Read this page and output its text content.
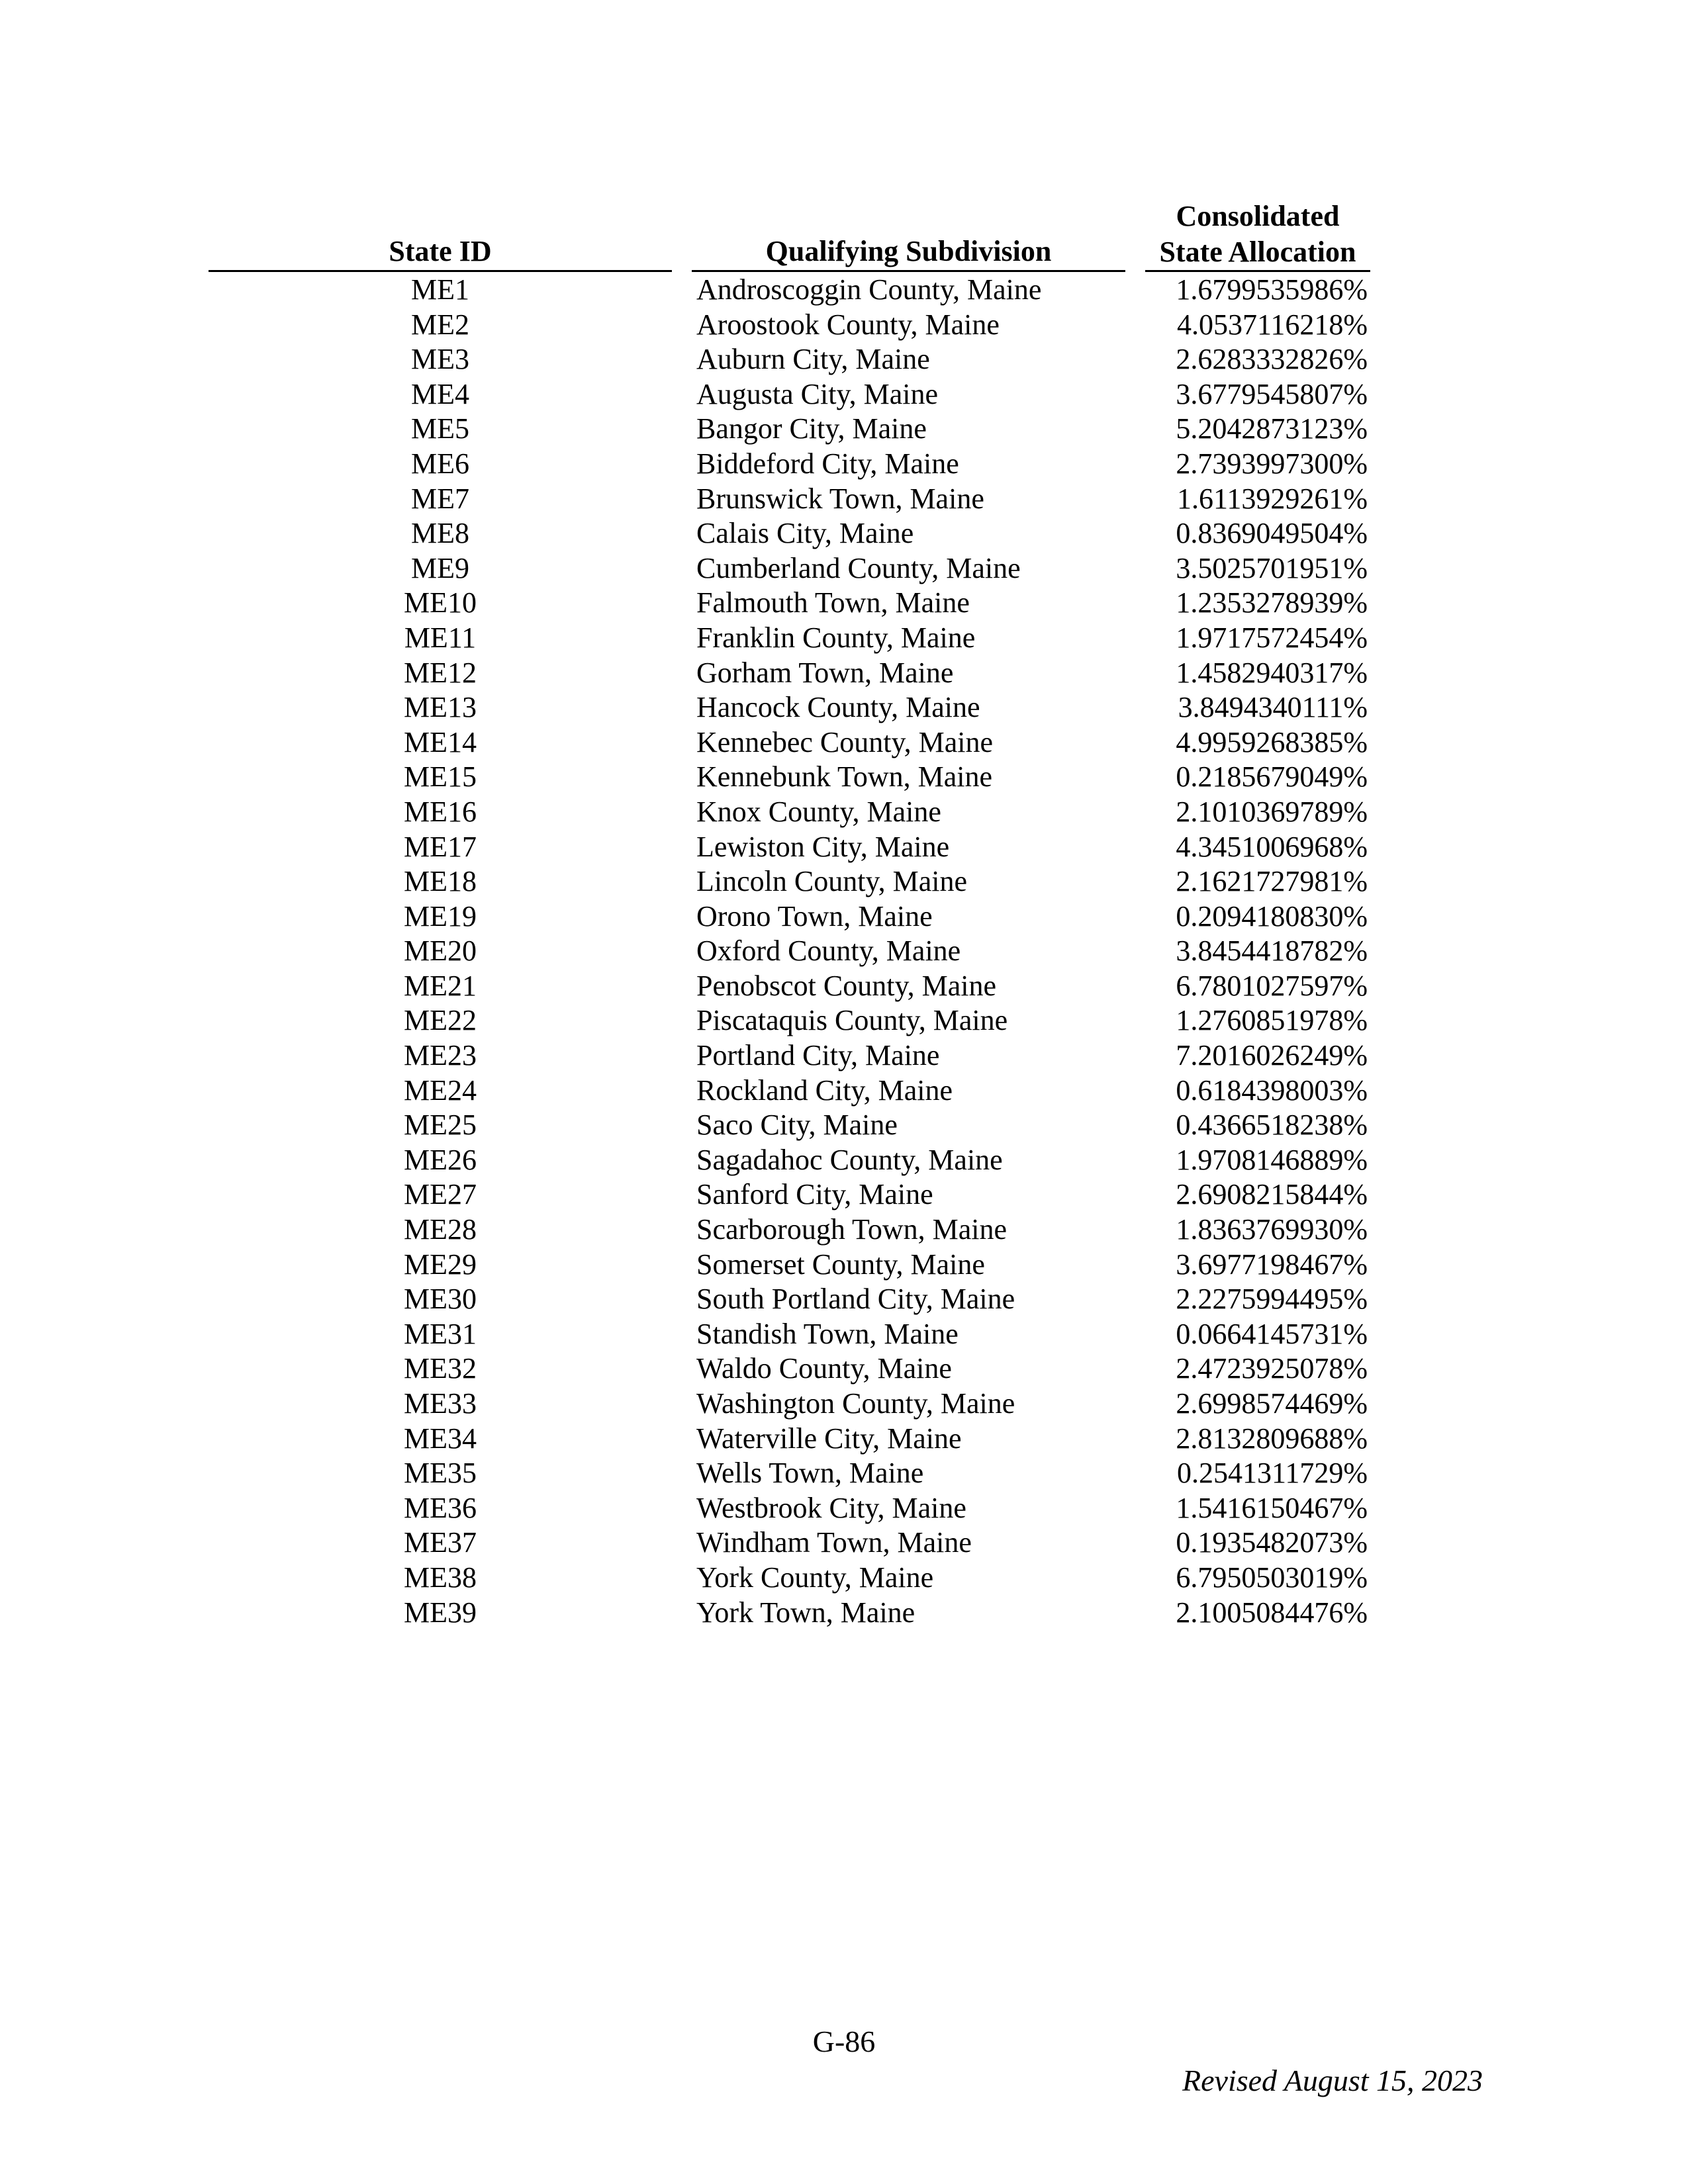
State ID	Qualifying Subdivision
Consolidated
State Allocation
ME1	Androscoggin County, Maine	1.6799535986%
ME2	Aroostook County, Maine	4.0537116218%
ME3	Auburn City, Maine	2.6283332826%
ME4	Augusta City, Maine	3.6779545807%
ME5	Bangor City, Maine	5.2042873123%
ME6	Biddeford City, Maine	2.7393997300%
ME7	Brunswick Town, Maine	1.6113929261%
ME8	Calais City, Maine	0.8369049504%
ME9	Cumberland County, Maine	3.5025701951%
ME10	Falmouth Town, Maine	1.2353278939%
ME11	Franklin County, Maine	1.9717572454%
ME12	Gorham Town, Maine	1.4582940317%
ME13	Hancock County, Maine	3.8494340111%
ME14	Kennebec County, Maine	4.9959268385%
ME15	Kennebunk Town, Maine	0.2185679049%
ME16	Knox County, Maine	2.1010369789%
ME17	Lewiston City, Maine	4.3451006968%
ME18	Lincoln County, Maine	2.1621727981%
ME19	Orono Town, Maine	0.2094180830%
ME20	Oxford County, Maine	3.8454418782%
ME21	Penobscot County, Maine	6.7801027597%
ME22	Piscataquis County, Maine	1.2760851978%
ME23	Portland City, Maine	7.2016026249%
ME24	Rockland City, Maine	0.6184398003%
ME25	Saco City, Maine	0.4366518238%
ME26	Sagadahoc County, Maine	1.9708146889%
ME27	Sanford City, Maine	2.6908215844%
ME28	Scarborough Town, Maine	1.8363769930%
ME29	Somerset County, Maine	3.6977198467%
ME30	South Portland City, Maine	2.2275994495%
ME31	Standish Town, Maine	0.0664145731%
ME32	Waldo County, Maine	2.4723925078%
ME33	Washington County, Maine	2.6998574469%
ME34	Waterville City, Maine	2.8132809688%
ME35	Wells Town, Maine	0.2541311729%
ME36	Westbrook City, Maine	1.5416150467%
ME37	Windham Town, Maine	0.1935482073%
ME38	York County, Maine	6.7950503019%
ME39	York Town, Maine	2.1005084476%
G-86
Revised August 15, 2023
